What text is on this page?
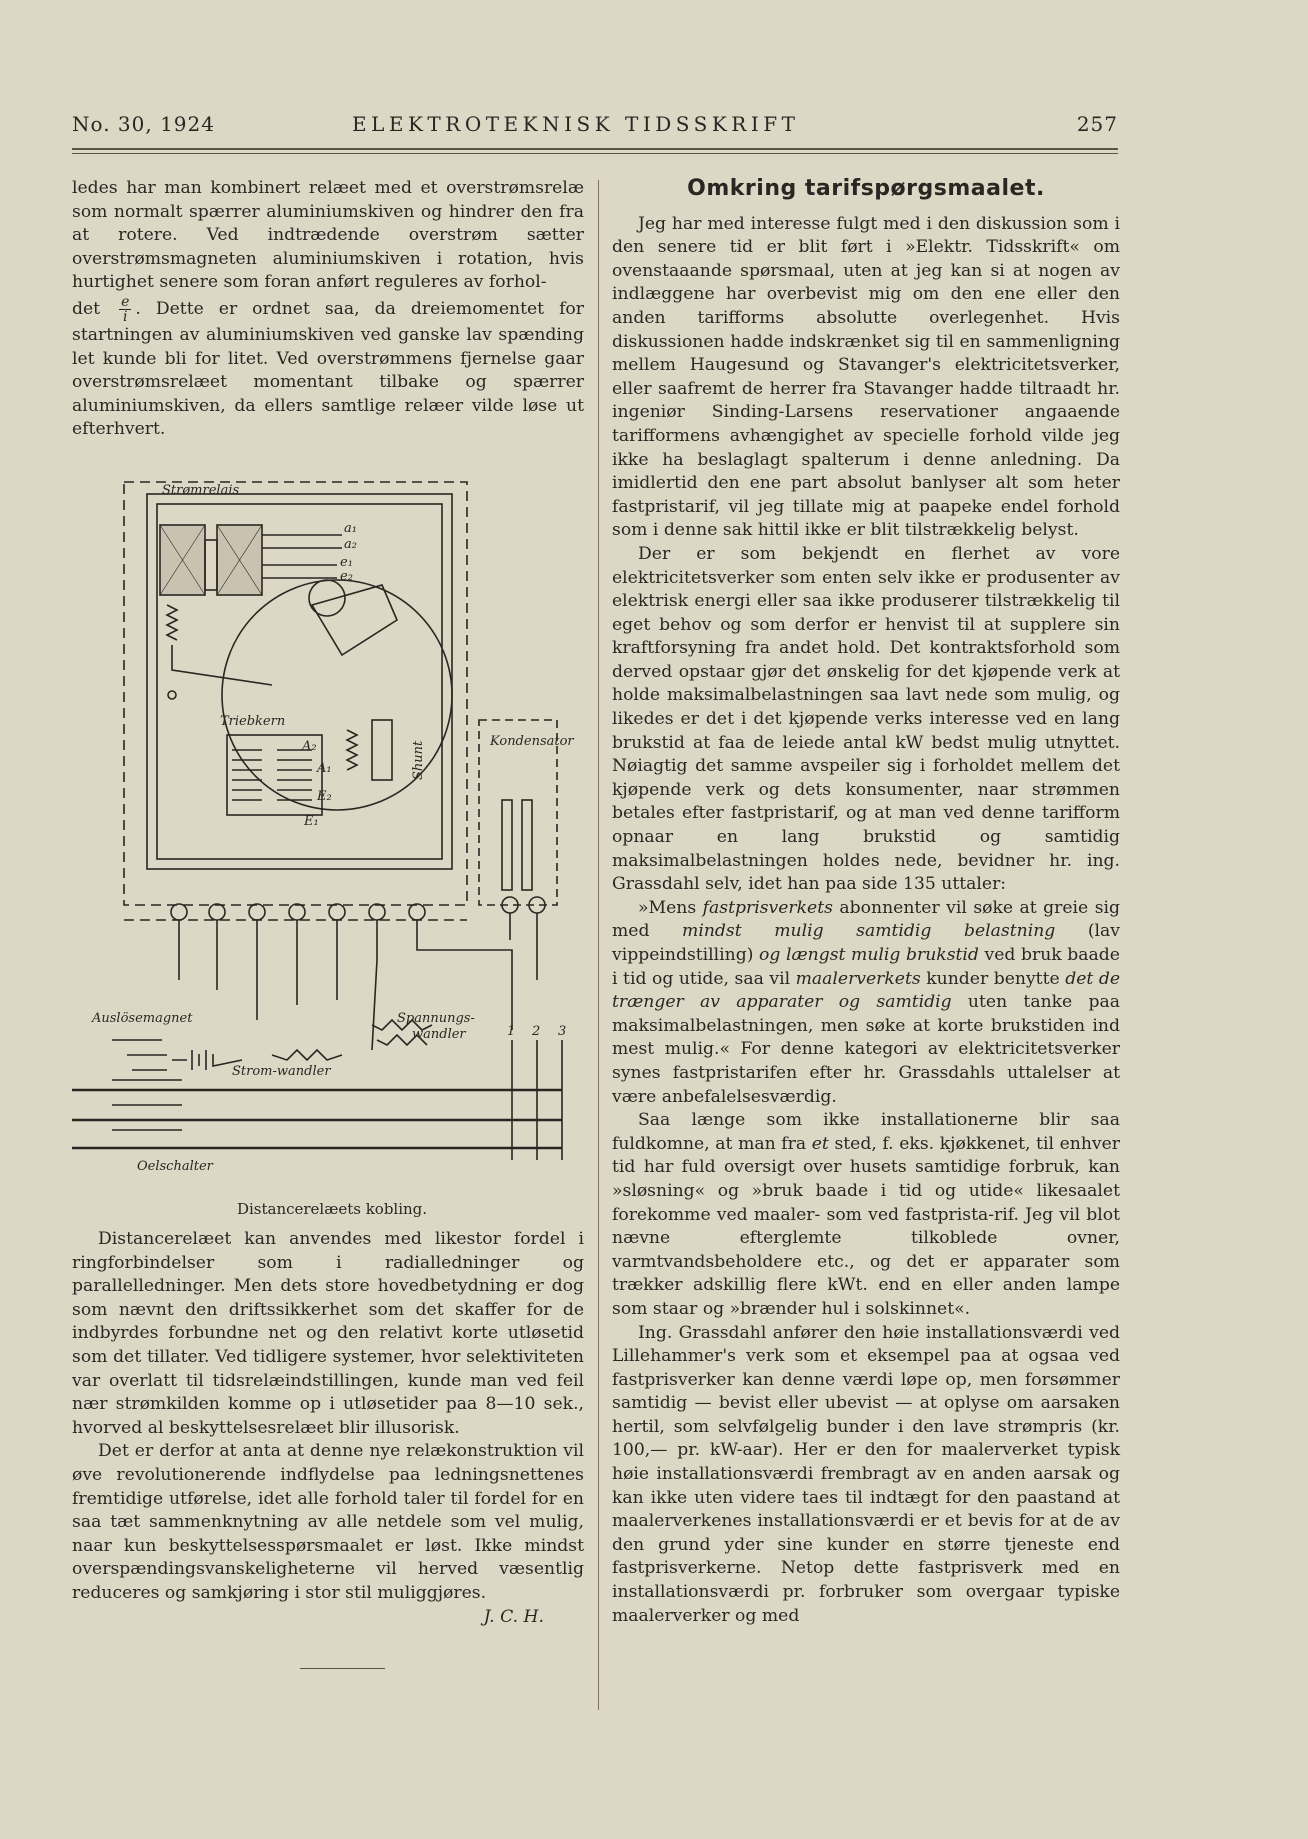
No. 30, 1924	ELEKTROTEKNISK TIDSSKRIFT	257

ledes har man kombinert relæet med et overstrømsrelæ som normalt spærrer aluminiumskiven og hindrer den fra at rotere. Ved indtrædende overstrøm sætter overstrømsmagneten aluminiumskiven i rotation, hvis hurtighet senere som foran anført reguleres av forhol-
$\det \frac{e}{i}$ . Dette er ordnet saa, da dreiemomentet for startningen av aluminiumskiven ved ganske lav spænding let kunde bli for litet. Ved overstrømmens fjernelse gaar overstrømsrelæet momentant tilbake og spærrer aluminiumskiven, da ellers samtlige relæer vilde løse ut efterhvert.

Strømrelais
a₁
a₂
e₁
e₂
Triebkern
A₂
A₁
E₂
E₁
Kondensator
Shunt
Auslösemagnet	Spannungs-
wandler
Strom-wandler
Oelschalter
1 2 3
Distancerelæets kobling.

Distancerelæet kan anvendes med likestor fordel i ringforbindelser som i radialledninger og parallelledninger. Men dets store hovedbetydning er dog som nævnt den driftssikkerhet som det skaffer for de indbyrdes forbundne net og den relativt korte utløsetid som det tillater. Ved tidligere systemer, hvor selektiviteten var overlatt til tidsrelæindstillingen, kunde man ved feil nær strømkilden komme op i utløsetider paa 8—10 sek., hvorved al beskyttelsesrelæet blir illusorisk.

Det er derfor at anta at denne nye relækonstruktion vil øve revolutionerende indflydelse paa ledningsnettenes fremtidige utførelse, idet alle forhold taler til fordel for en saa tæt sammenknytning av alle netdele som vel mulig, naar kun beskyttelsesspørsmaalet er løst. Ikke mindst overspændingsvanskeligheterne vil herved væsentlig reduceres og samkjøring i stor stil muliggjøres.

J. C. H.

Omkring tarifspørgsmaalet.

Jeg har med interesse fulgt med i den diskussion som i den senere tid er blit ført i »Elektr. Tidsskrift« om ovenstaaande spørsmaal, uten at jeg kan si at nogen av indlæggene har overbevist mig om den ene eller den anden tarifforms absolutte overlegenhet. Hvis diskussionen hadde indskrænket sig til en sammenligning mellem Haugesund og Stavanger's elektricitetsverker, eller saafremt de herrer fra Stavanger hadde tiltraadt hr. ingeniør Sinding-Larsens reservationer angaaende tarifformens avhængighet av specielle forhold vilde jeg ikke ha beslaglagt spalterum i denne anledning. Da imidlertid den ene part absolut banlyser alt som heter fastpristarif, vil jeg tillate mig at paapeke endel forhold som i denne sak hittil ikke er blit tilstrækkelig belyst.

Der er som bekjendt en flerhet av vore elektricitetsverker som enten selv ikke er produsenter av elektrisk energi eller saa ikke produserer tilstrækkelig til eget behov og som derfor er henvist til at supplere sin kraftforsyning fra andet hold. Det kontraktsforhold som derved opstaar gjør det ønskelig for det kjøpende verk at holde maksimalbelastningen saa lavt nede som mulig, og likedes er det i det kjøpende verks interesse ved en lang brukstid at faa de leiede antal kW bedst mulig utnyttet. Nøiagtig det samme avspeiler sig i forholdet mellem det kjøpende verk og dets konsumenter, naar strømmen betales efter fastpristarif, og at man ved denne tarifform opnaar en lang brukstid og samtidig maksimalbelastningen holdes nede, bevidner hr. ing. Grassdahl selv, idet han paa side 135 uttaler:

»Mens fastprisverkets abonnenter vil søke at greie sig med mindst mulig samtidig belastning (lav vippeindstilling) og længst mulig brukstid ved bruk baade i tid og utide, saa vil maalerverkets kunder benytte det de trænger av apparater og samtidig uten tanke paa maksimalbelastningen, men søke at korte brukstiden ind mest mulig.« For denne kategori av elektricitetsverker synes fastpristarifen efter hr. Grassdahls uttalelser at være anbefalelsesværdig.

Saa længe som ikke installationerne blir saa fuldkomne, at man fra et sted, f. eks. kjøkkenet, til enhver tid har fuld oversigt over husets samtidige forbruk, kan »sløsning« og »bruk baade i tid og utide« likesaalet forekomme ved maaler- som ved fastprista-rif. Jeg vil blot nævne efterglemte tilkoblede ovner, varmtvandsbeholdere etc., og det er apparater som trækker adskillig flere kWt. end en eller anden lampe som staar og »brænder hul i solskinnet«.

Ing. Grassdahl anfører den høie installationsværdi ved Lillehammer's verk som et eksempel paa at ogsaa ved fastprisverker kan denne værdi løpe op, men forsømmer samtidig — bevist eller ubevist — at oplyse om aarsaken hertil, som selvfølgelig bunder i den lave strømpris (kr. 100,— pr. kW-aar). Her er den for maalerverket typisk høie installationsværdi frembragt av en anden aarsak og kan ikke uten videre taes til indtægt for den paastand at maalerverkenes installationsværdi er et bevis for at de av den grund yder sine kunder en større tjeneste end fastprisverkerne. Netop dette fastprisverk med en installationsværdi pr. forbruker som overgaar typiske maalerverker og med
